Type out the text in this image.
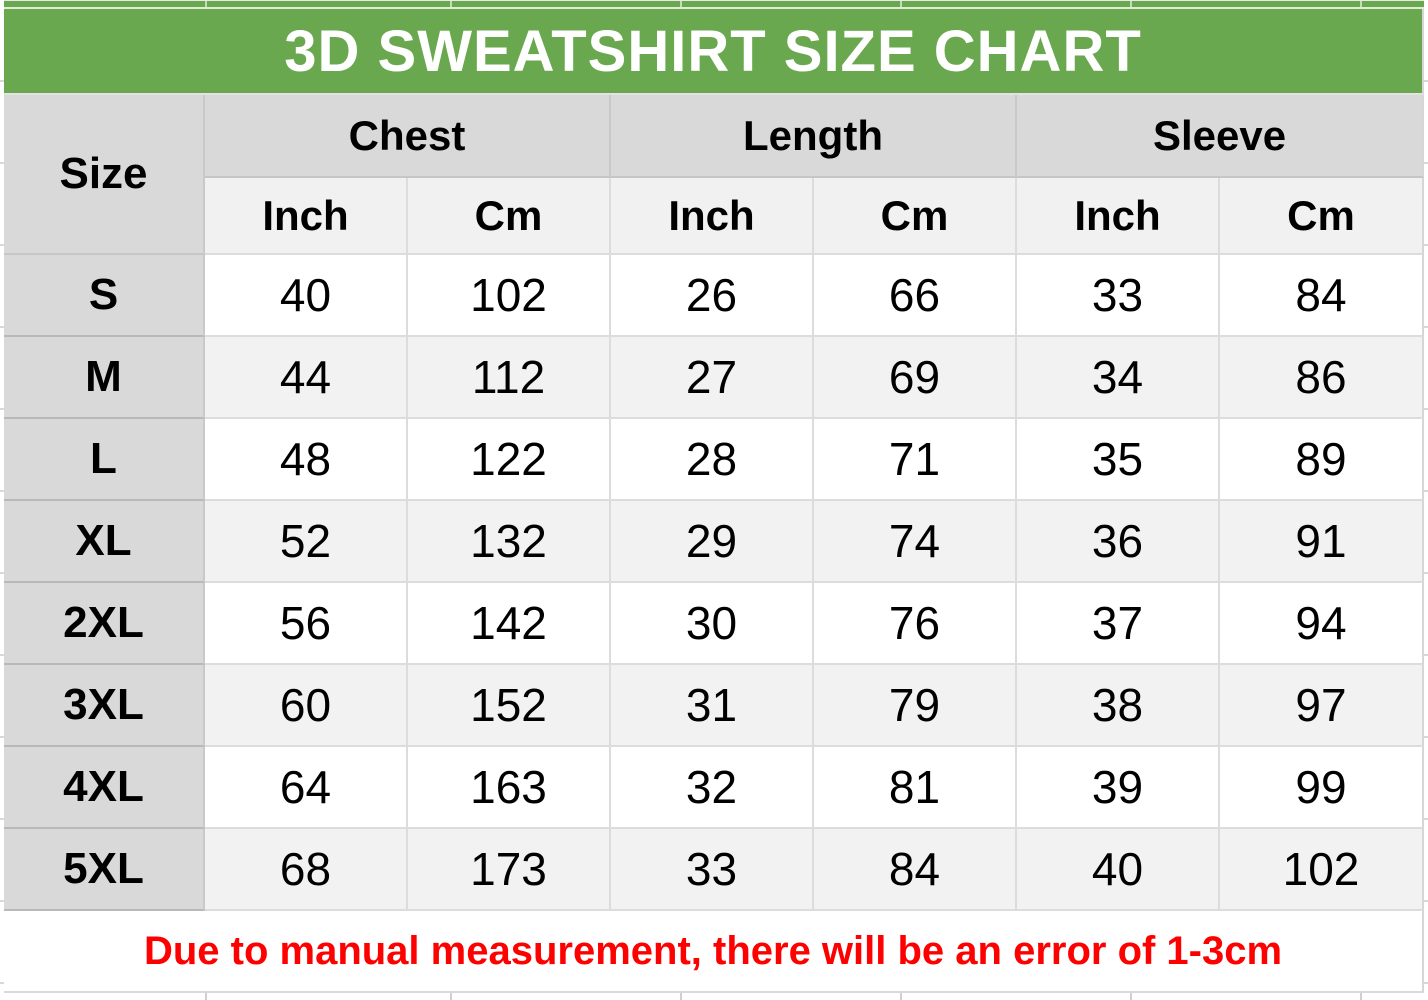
3D SWEATSHIRT SIZE CHART						
Size	Chest		Length		Sleeve	
	Inch	Cm	Inch	Cm	Inch	Cm
S	40	102	26	66	33	84
M	44	112	27	69	34	86
L	48	122	28	71	35	89
XL	52	132	29	74	36	91
2XL	56	142	30	76	37	94
3XL	60	152	31	79	38	97
4XL	64	163	32	81	39	99
5XL	68	173	33	84	40	102
Due to manual measurement, there will be an error of 1-3cm						
